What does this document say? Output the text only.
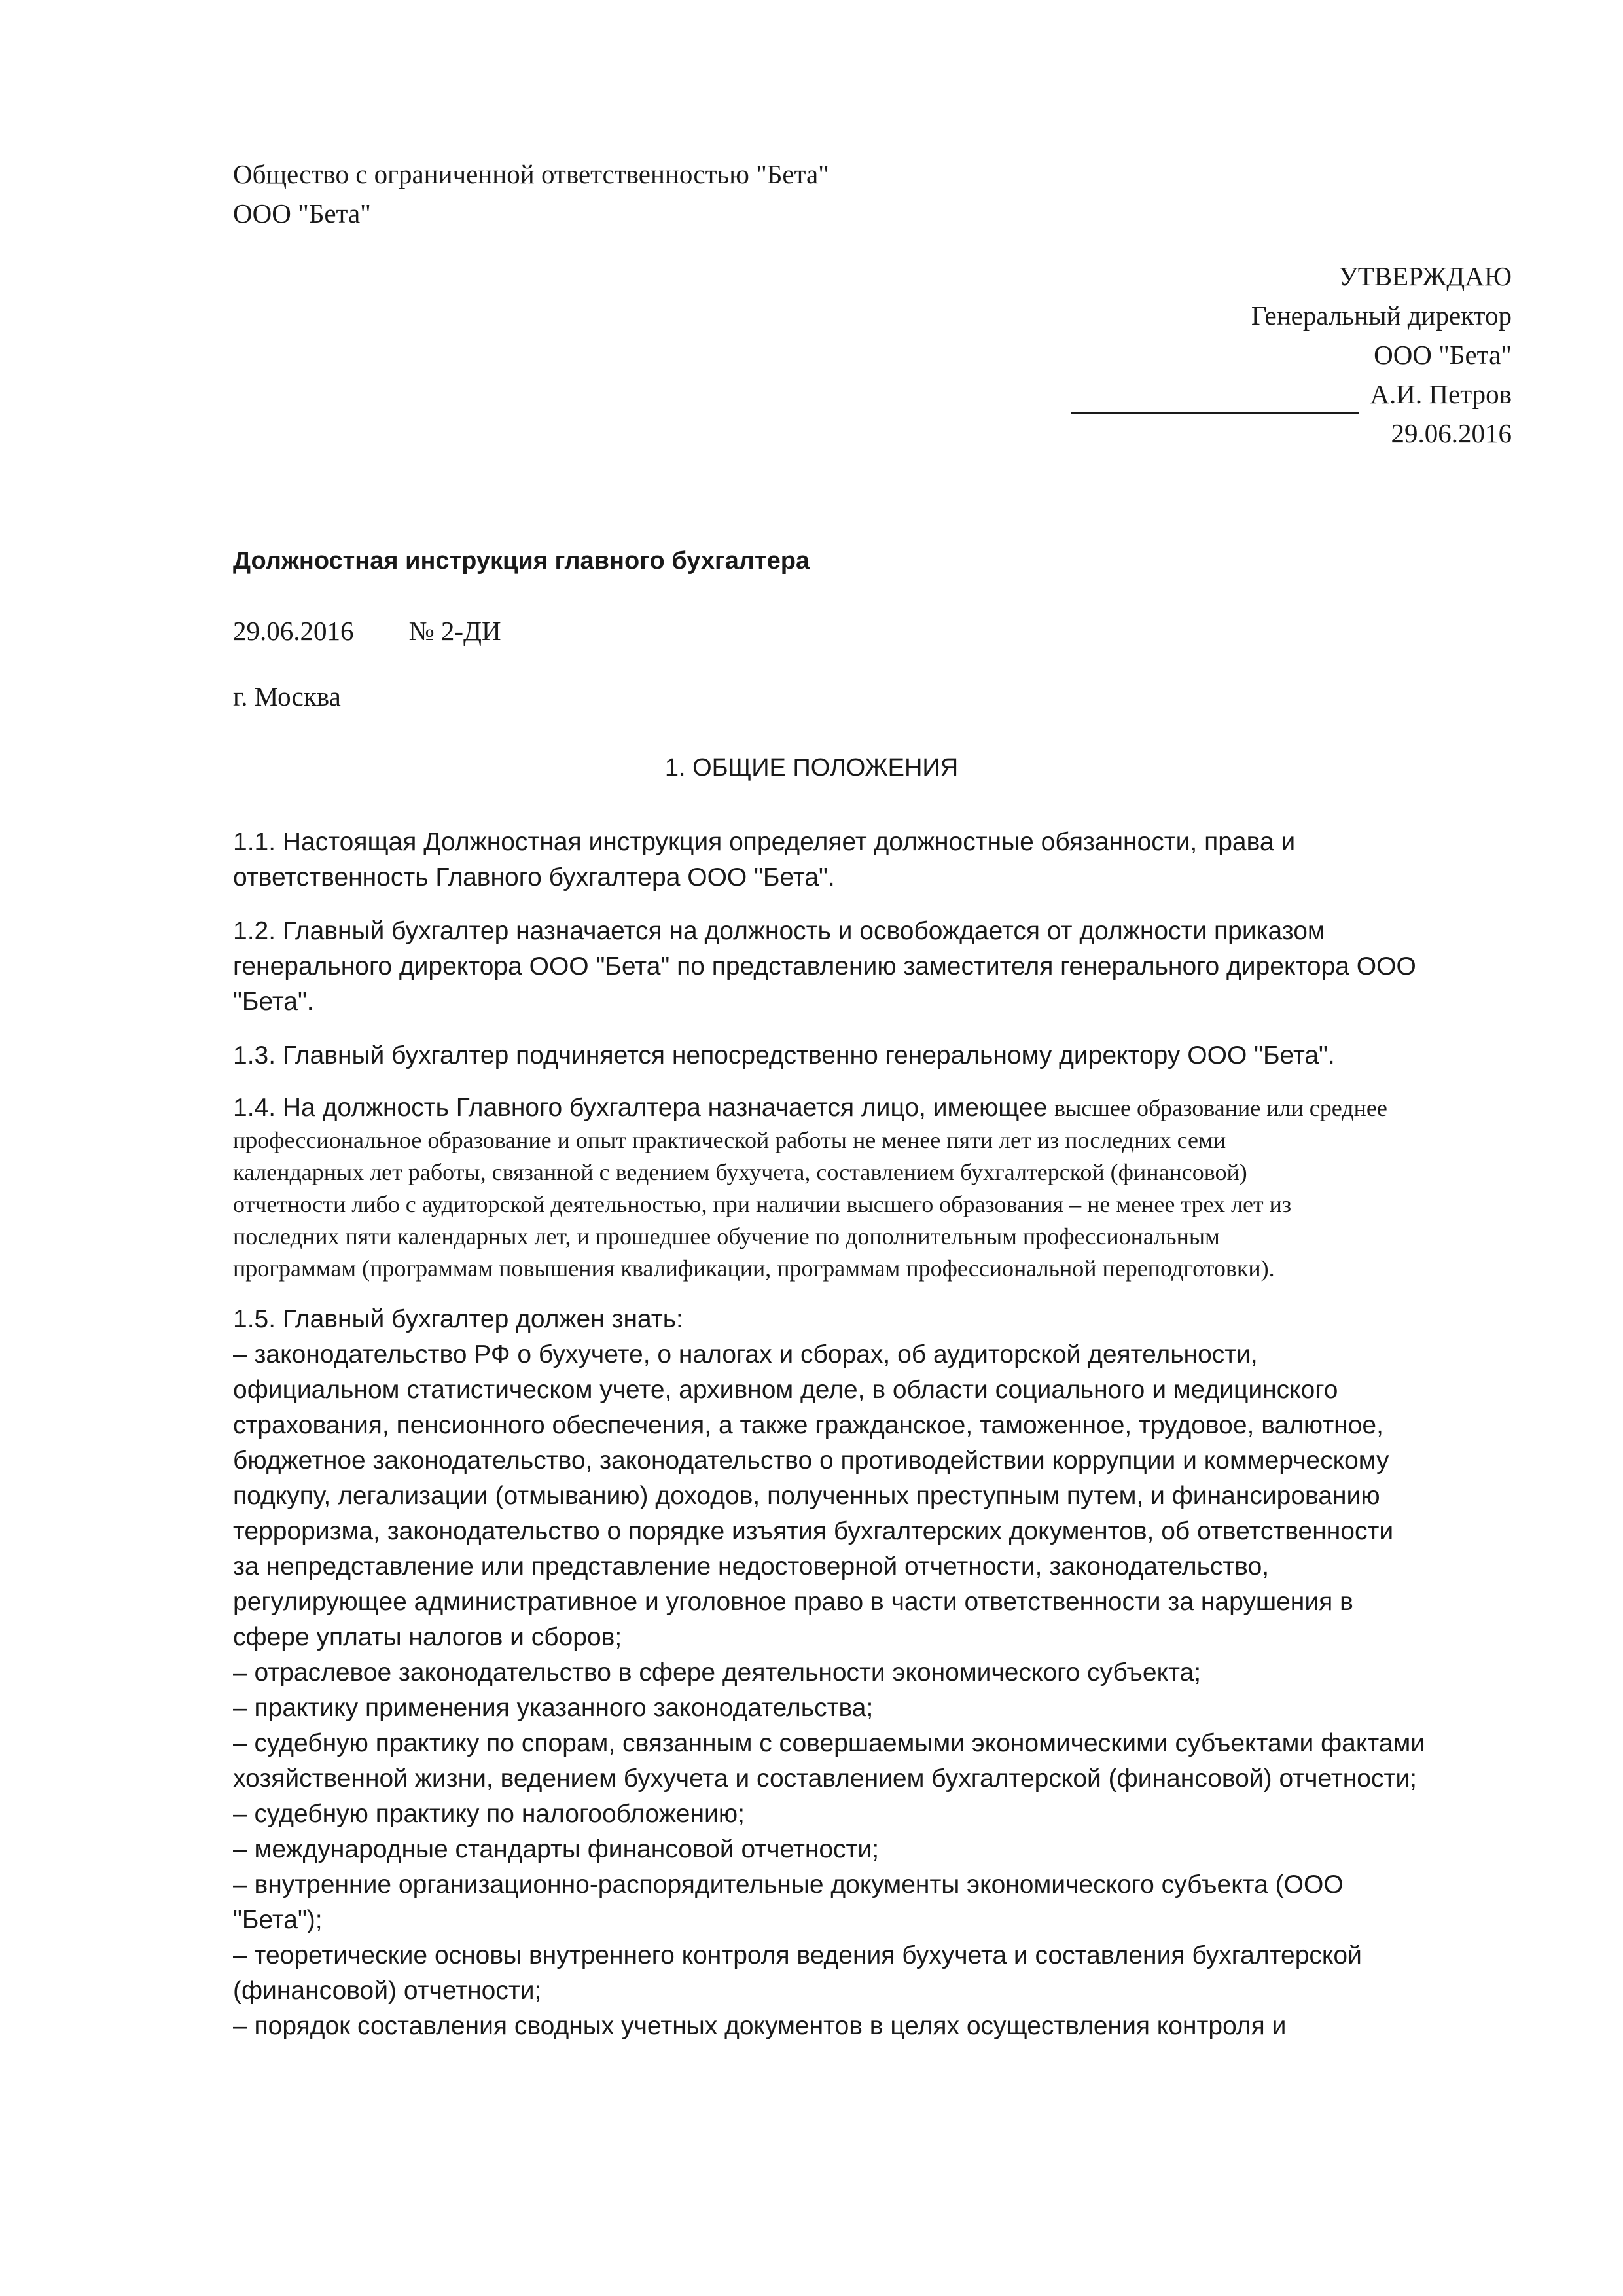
Общество с ограниченной ответственностью "Бета"
ООО "Бета"
УТВЕРЖДАЮ
Генеральный директор
ООО "Бета"
А.И. Петров
29.06.2016
Должностная инструкция главного бухгалтера
29.06.2016 № 2-ДИ
г. Москва
1. ОБЩИЕ ПОЛОЖЕНИЯ
1.1. Настоящая Должностная инструкция определяет должностные обязанности, права и
ответственность Главного бухгалтера ООО "Бета".
1.2. Главный бухгалтер назначается на должность и освобождается от должности приказом
генерального директора ООО "Бета" по представлению заместителя генерального директора ООО
"Бета".
1.3. Главный бухгалтер подчиняется непосредственно генеральному директору ООО "Бета".
1.4. На должность Главного бухгалтера назначается лицо, имеющее высшее образование или среднее
профессиональное образование и опыт практической работы не менее пяти лет из последних семи
календарных лет работы, связанной с ведением бухучета, составлением бухгалтерской (финансовой)
отчетности либо с аудиторской деятельностью, при наличии высшего образования – не менее трех лет из
последних пяти календарных лет, и прошедшее обучение по дополнительным профессиональным
программам (программам повышения квалификации, программам профессиональной переподготовки).
1.5. Главный бухгалтер должен знать:
– законодательство РФ о бухучете, о налогах и сборах, об аудиторской деятельности,
официальном статистическом учете, архивном деле, в области социального и медицинского
страхования, пенсионного обеспечения, а также гражданское, таможенное, трудовое, валютное,
бюджетное законодательство, законодательство о противодействии коррупции и коммерческому
подкупу, легализации (отмыванию) доходов, полученных преступным путем, и финансированию
терроризма, законодательство о порядке изъятия бухгалтерских документов, об ответственности
за непредставление или представление недостоверной отчетности, законодательство,
регулирующее административное и уголовное право в части ответственности за нарушения в
сфере уплаты налогов и сборов;
– отраслевое законодательство в сфере деятельности экономического субъекта;
– практику применения указанного законодательства;
– судебную практику по спорам, связанным с совершаемыми экономическими субъектами фактами
хозяйственной жизни, ведением бухучета и составлением бухгалтерской (финансовой) отчетности;
– судебную практику по налогообложению;
– международные стандарты финансовой отчетности;
– внутренние организационно-распорядительные документы экономического субъекта (ООО
"Бета");
– теоретические основы внутреннего контроля ведения бухучета и составления бухгалтерской
(финансовой) отчетности;
– порядок составления сводных учетных документов в целях осуществления контроля и
